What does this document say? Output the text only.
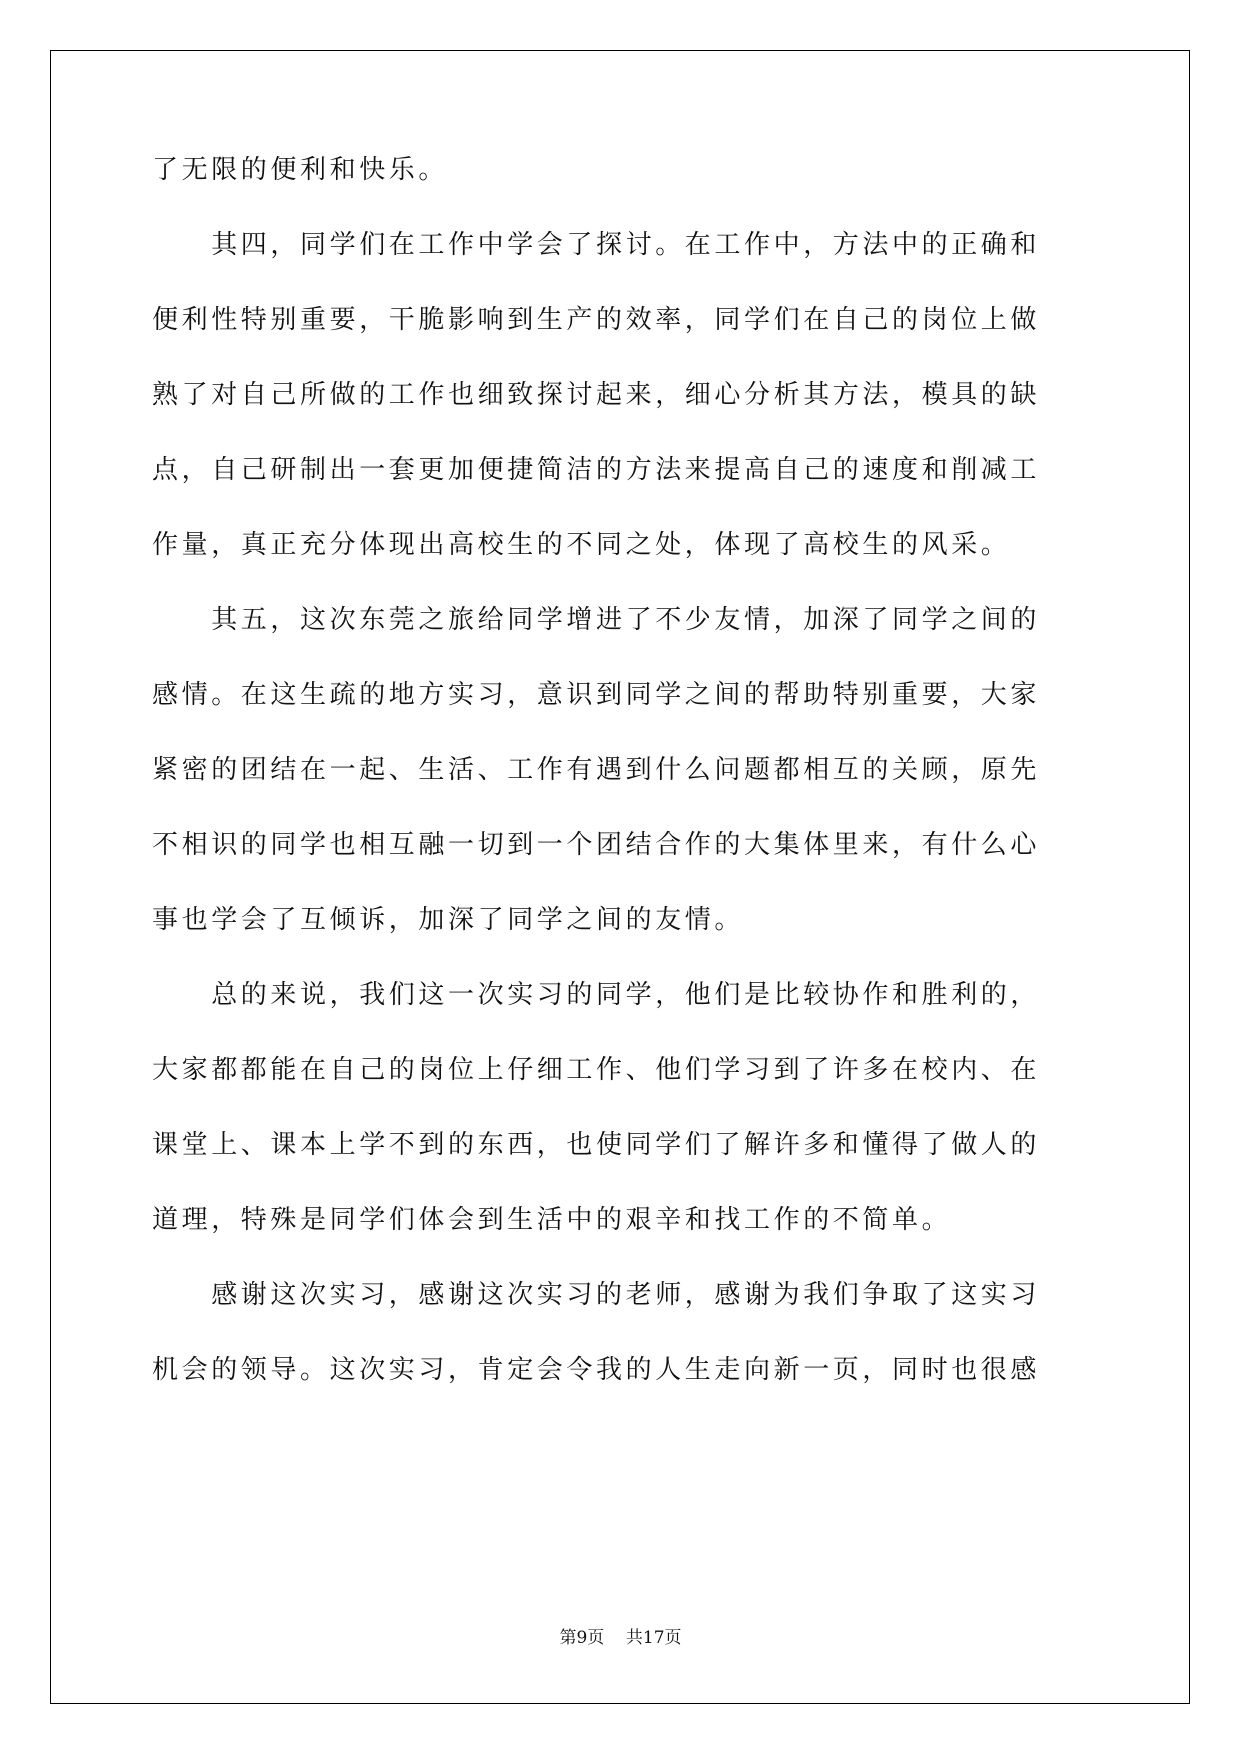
了无限的便利和快乐。

　　其四，同学们在工作中学会了探讨。在工作中，方法中的正确和

便利性特别重要，干脆影响到生产的效率，同学们在自己的岗位上做

熟了对自己所做的工作也细致探讨起来，细心分析其方法，模具的缺

点，自己研制出一套更加便捷简洁的方法来提高自己的速度和削减工

作量，真正充分体现出高校生的不同之处，体现了高校生的风采。

　　其五，这次东莞之旅给同学增进了不少友情，加深了同学之间的

感情。在这生疏的地方实习，意识到同学之间的帮助特别重要，大家

紧密的团结在一起、生活、工作有遇到什么问题都相互的关顾，原先

不相识的同学也相互融一切到一个团结合作的大集体里来，有什么心

事也学会了互倾诉，加深了同学之间的友情。

　　总的来说，我们这一次实习的同学，他们是比较协作和胜利的，

大家都都能在自己的岗位上仔细工作、他们学习到了许多在校内、在

课堂上、课本上学不到的东西，也使同学们了解许多和懂得了做人的

道理，特殊是同学们体会到生活中的艰辛和找工作的不简单。

　　感谢这次实习，感谢这次实习的老师，感谢为我们争取了这实习

机会的领导。这次实习，肯定会令我的人生走向新一页，同时也很感

第9页 共17页
